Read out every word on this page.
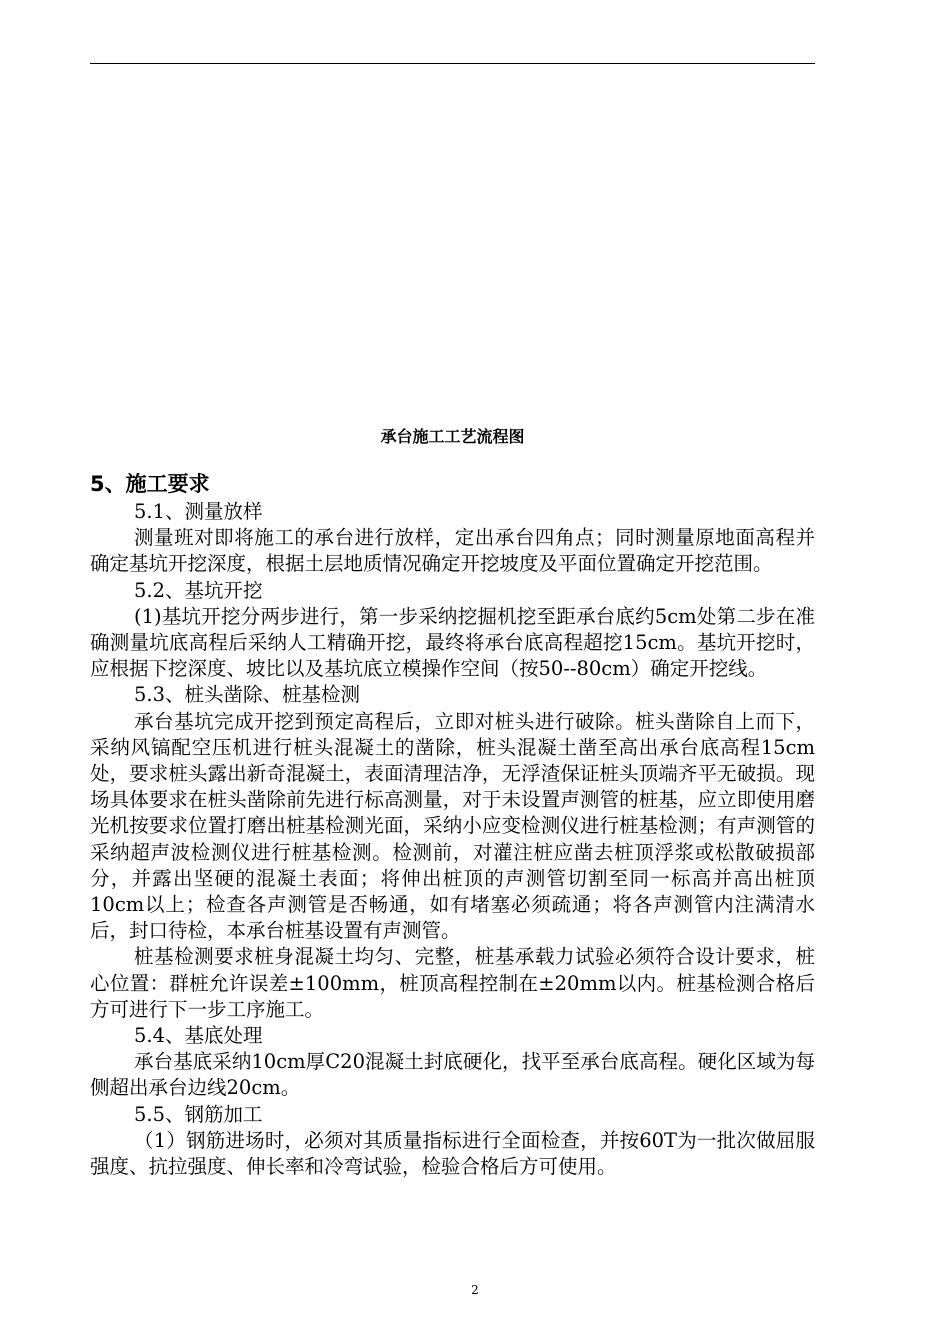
承台施工工艺流程图

5、施工要求

5.1、测量放样

测量班对即将施工的承台进行放样，定出承台四角点；同时测量原地面高程并确定基坑开挖深度，根据土层地质情况确定开挖坡度及平面位置确定开挖范围。

5.2、基坑开挖

(1)基坑开挖分两步进行，第一步采纳挖掘机挖至距承台底约5cm处第二步在准确测量坑底高程后采纳人工精确开挖，最终将承台底高程超挖15cm。基坑开挖时，应根据下挖深度、坡比以及基坑底立模操作空间（按50--80cm）确定开挖线。

5.3、桩头凿除、桩基检测

承台基坑完成开挖到预定高程后，立即对桩头进行破除。桩头凿除自上而下，采纳风镐配空压机进行桩头混凝土的凿除，桩头混凝土凿至高出承台底高程15cm处，要求桩头露出新奇混凝土，表面清理洁净，无浮渣保证桩头顶端齐平无破损。现场具体要求在桩头凿除前先进行标高测量，对于未设置声测管的桩基，应立即使用磨光机按要求位置打磨出桩基检测光面，采纳小应变检测仪进行桩基检测；有声测管的采纳超声波检测仪进行桩基检测。检测前，对灌注桩应凿去桩顶浮浆或松散破损部分，并露出坚硬的混凝土表面；将伸出桩顶的声测管切割至同一标高并高出桩顶10cm以上；检查各声测管是否畅通，如有堵塞必须疏通；将各声测管内注满清水后，封口待检，本承台桩基设置有声测管。

桩基检测要求桩身混凝土均匀、完整，桩基承载力试验必须符合设计要求，桩心位置：群桩允许误差±100mm，桩顶高程控制在±20mm以内。桩基检测合格后方可进行下一步工序施工。

5.4、基底处理

承台基底采纳10cm厚C20混凝土封底硬化，找平至承台底高程。硬化区域为每侧超出承台边线20cm。

5.5、钢筋加工

（1）钢筋进场时，必须对其质量指标进行全面检查，并按60T为一批次做屈服强度、抗拉强度、伸长率和冷弯试验，检验合格后方可使用。

2
